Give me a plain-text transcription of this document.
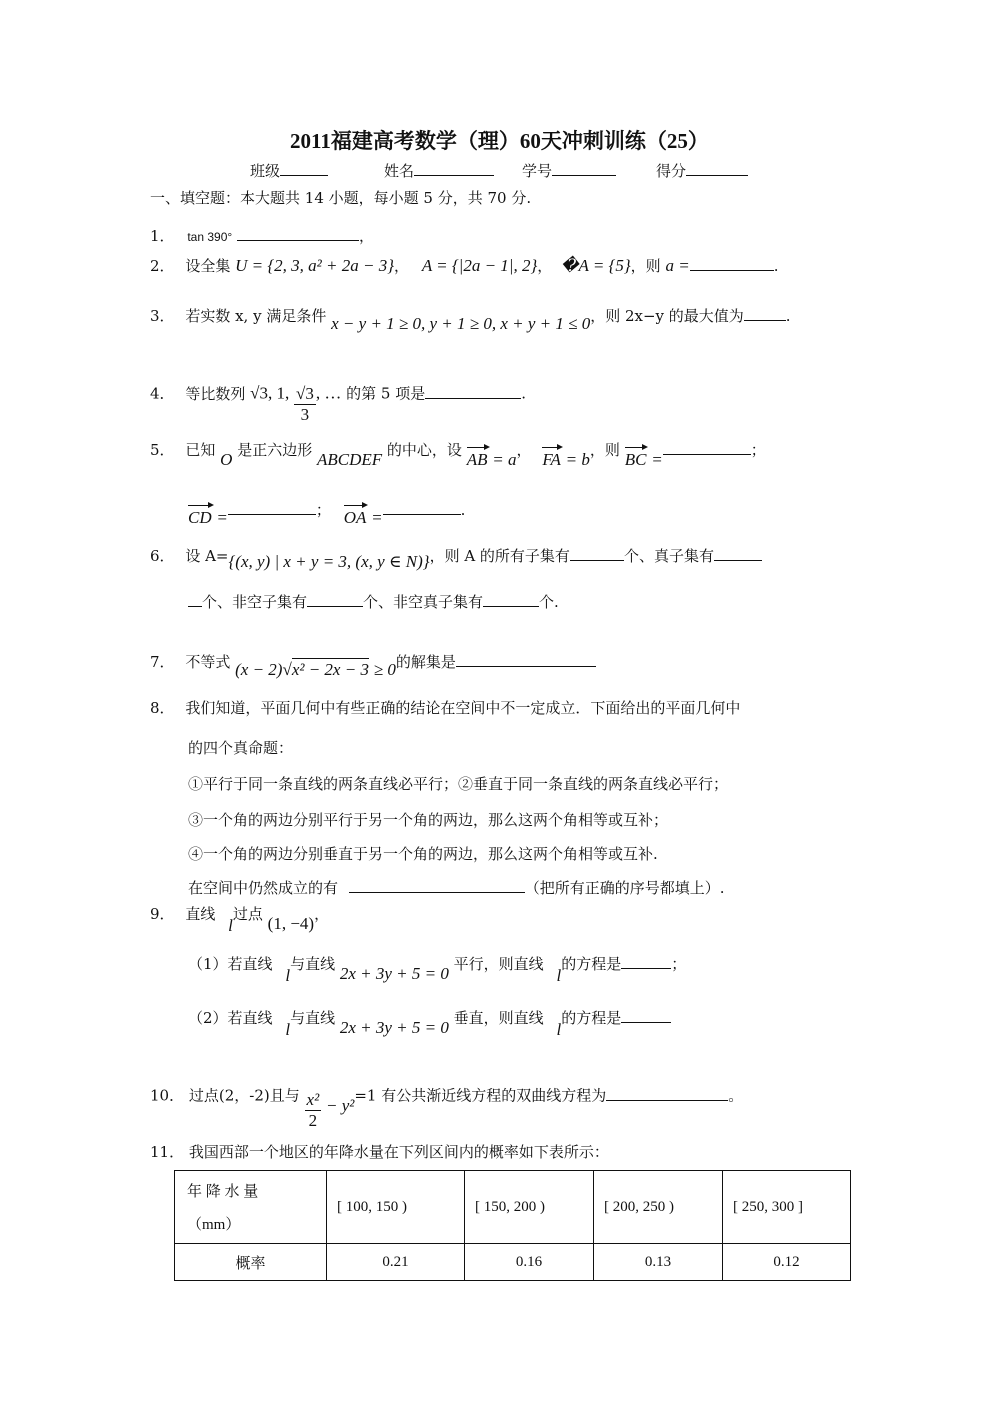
2011福建高考数学（理）60天冲刺训练（25）
班级	姓名	学号	得分
一、填空题：本大题共 14 小题，每小题 5 分，共 70 分.
1． tan 390°	，
2． 设全集 U = {2, 3, a² + 2a − 3}， A = {|2a − 1|, 2}， �A = {5}，则 a =	.
3． 若实数 x, y 满足条件 x − y + 1 ≥ 0, y + 1 ≥ 0, x + y + 1 ≤ 0，则 2x−y 的最大值为	.
4． 等比数列 √3, 1, $\frac{√3}{3}$ , … 的第 5 项是	.
5． 已知 O 是正六边形 ABCDEF 的中心，设 AB = a， FA = b，则 BC =	；
CD =	； OA =	.
6． 设 A={(x, y) | x + y = 3, (x, y ∈ N)}，则 A 的所有子集有	个、真子集有
个、非空子集有	个、非空真子集有	个.
7． 不等式 (x − 2)√x² − 2x − 3 ≥ 0的解集是
8． 我们知道，平面几何中有些正确的结论在空间中不一定成立．下面给出的平面几何中
的四个真命题：
①平行于同一条直线的两条直线必平行；②垂直于同一条直线的两条直线必平行；
③一个角的两边分别平行于另一个角的两边，那么这两个角相等或互补；
④一个角的两边分别垂直于另一个角的两边，那么这两个角相等或互补.
在空间中仍然成立的有	（把所有正确的序号都填上）.
9． 直线 l过点 (1, −4)，
（1）若直线 l与直线 2x + 3y + 5 = 0 平行，则直线 l的方程是	；
（2）若直线 l与直线 2x + 3y + 5 = 0 垂直，则直线 l的方程是
10． 过点(2，-2)且与 $\frac{\text{x²}}{2} - y^2=1$ 有公共渐近线方程的双曲线方程为	。
11． 我国西部一个地区的年降水量在下列区间内的概率如下表所示：
年 降 水 量
（mm）	[ 100, 150 )	[ 150, 200 )	[ 200, 250 )	[ 250, 300 ]
概率	0.21	0.16	0.13	0.12
